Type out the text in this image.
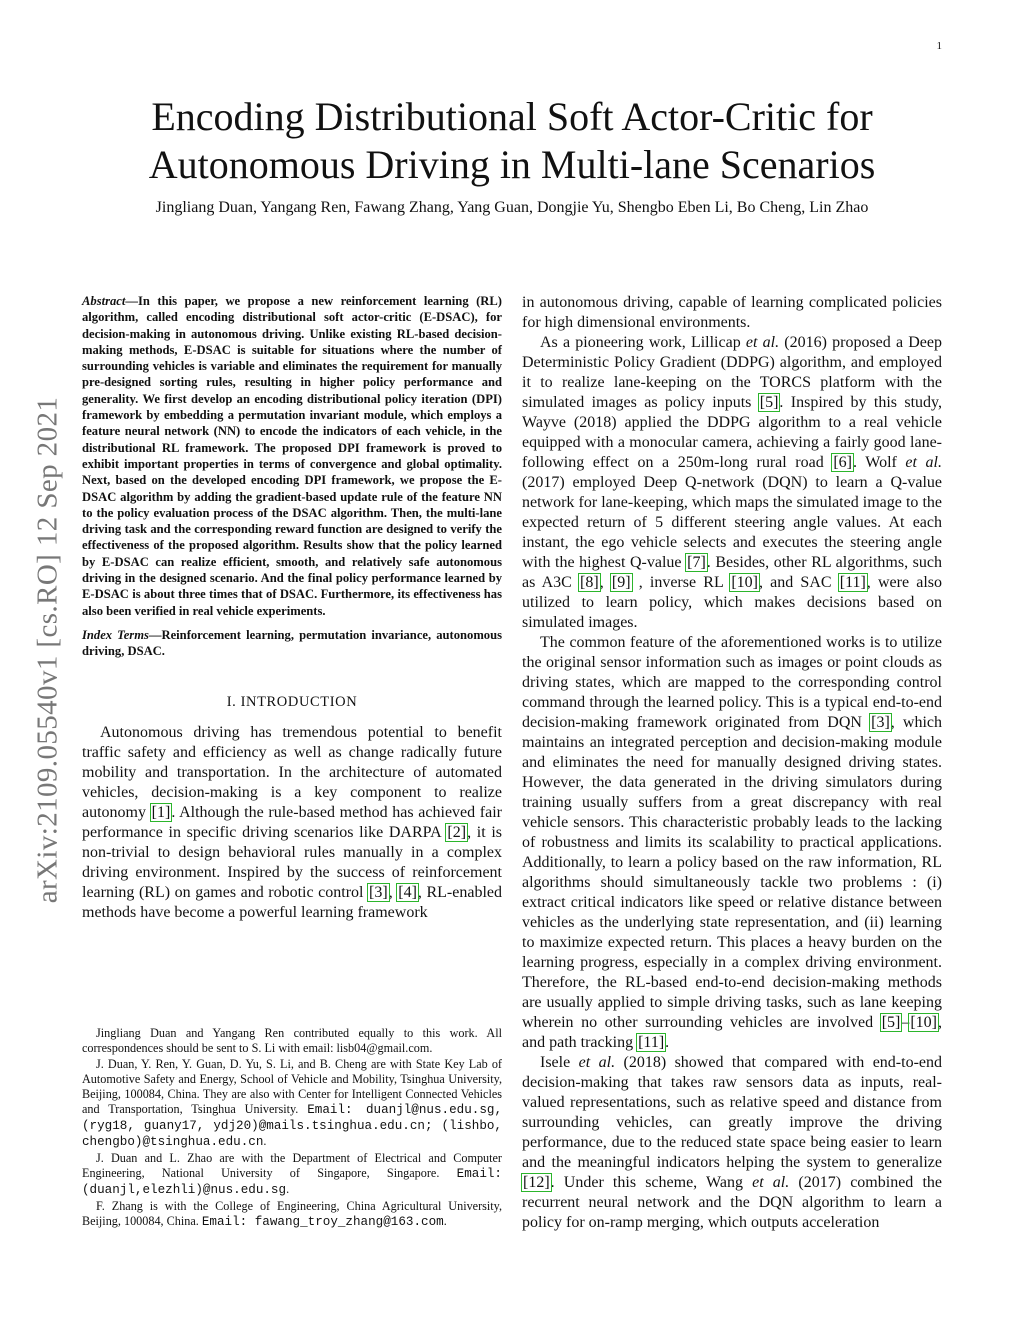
1
arXiv:2109.05540v1 [cs.RO] 12 Sep 2021
Encoding Distributional Soft Actor-Critic for
Autonomous Driving in Multi-lane Scenarios
Jingliang Duan, Yangang Ren, Fawang Zhang, Yang Guan, Dongjie Yu, Shengbo Eben Li, Bo Cheng, Lin Zhao

Abstract—In this paper, we propose a new reinforcement learning (RL) algorithm, called encoding distributional soft actor-critic (E-DSAC), for decision-making in autonomous driving. Unlike existing RL-based decision-making methods, E-DSAC is suitable for situations where the number of surrounding vehicles is variable and eliminates the requirement for manually pre-designed sorting rules, resulting in higher policy performance and generality. We first develop an encoding distributional policy iteration (DPI) framework by embedding a permutation invariant module, which employs a feature neural network (NN) to encode the indicators of each vehicle, in the distributional RL framework. The proposed DPI framework is proved to exhibit important properties in terms of convergence and global optimality. Next, based on the developed encoding DPI framework, we propose the E-DSAC algorithm by adding the gradient-based update rule of the feature NN to the policy evaluation process of the DSAC algorithm. Then, the multi-lane driving task and the corresponding reward function are designed to verify the effectiveness of the proposed algorithm. Results show that the policy learned by E-DSAC can realize efficient, smooth, and relatively safe autonomous driving in the designed scenario. And the final policy performance learned by E-DSAC is about three times that of DSAC. Furthermore, its effectiveness has also been verified in real vehicle experiments.

Index Terms—Reinforcement learning, permutation invariance, autonomous driving, DSAC.

I. INTRODUCTION

Autonomous driving has tremendous potential to benefit traffic safety and efficiency as well as change radically future mobility and transportation. In the architecture of automated vehicles, decision-making is a key component to realize autonomy [1]. Although the rule-based method has achieved fair performance in specific driving scenarios like DARPA [2], it is non-trivial to design behavioral rules manually in a complex driving environment. Inspired by the success of reinforcement learning (RL) on games and robotic control [3], [4], RL-enabled methods have become a powerful learning framework

Jingliang Duan and Yangang Ren contributed equally to this work. All correspondences should be sent to S. Li with email: lisb04@gmail.com.

J. Duan, Y. Ren, Y. Guan, D. Yu, S. Li, and B. Cheng are with State Key Lab of Automotive Safety and Energy, School of Vehicle and Mobility, Tsinghua University, Beijing, 100084, China. They are also with Center for Intelligent Connected Vehicles and Transportation, Tsinghua University. Email: duanjl@nus.edu.sg, (ryg18, guany17, ydj20)@mails.tsinghua.edu.cn; (lishbo, chengbo)@tsinghua.edu.cn.

J. Duan and L. Zhao are with the Department of Electrical and Computer Engineering, National University of Singapore, Singapore. Email: (duanjl,elezhli)@nus.edu.sg.

F. Zhang is with the College of Engineering, China Agricultural University, Beijing, 100084, China. Email: fawang_troy_zhang@163.com.

in autonomous driving, capable of learning complicated policies for high dimensional environments.

As a pioneering work, Lillicap et al. (2016) proposed a Deep Deterministic Policy Gradient (DDPG) algorithm, and employed it to realize lane-keeping on the TORCS platform with the simulated images as policy inputs [5]. Inspired by this study, Wayve (2018) applied the DDPG algorithm to a real vehicle equipped with a monocular camera, achieving a fairly good lane-following effect on a 250m-long rural road [6]. Wolf et al. (2017) employed Deep Q-network (DQN) to learn a Q-value network for lane-keeping, which maps the simulated image to the expected return of 5 different steering angle values. At each instant, the ego vehicle selects and executes the steering angle with the highest Q-value [7]. Besides, other RL algorithms, such as A3C [8], [9] , inverse RL [10], and SAC [11], were also utilized to learn policy, which makes decisions based on simulated images.

The common feature of the aforementioned works is to utilize the original sensor information such as images or point clouds as driving states, which are mapped to the corresponding control command through the learned policy. This is a typical end-to-end decision-making framework originated from DQN [3], which maintains an integrated perception and decision-making module and eliminates the need for manually designed driving states. However, the data generated in the driving simulators during training usually suffers from a great discrepancy with real vehicle sensors. This characteristic probably leads to the lacking of robustness and limits its scalability to practical applications. Additionally, to learn a policy based on the raw information, RL algorithms should simultaneously tackle two problems : (i) extract critical indicators like speed or relative distance between vehicles as the underlying state representation, and (ii) learning to maximize expected return. This places a heavy burden on the learning progress, especially in a complex driving environment. Therefore, the RL-based end-to-end decision-making methods are usually applied to simple driving tasks, such as lane keeping wherein no other surrounding vehicles are involved [5]–[10], and path tracking [11].

Isele et al. (2018) showed that compared with end-to-end decision-making that takes raw sensors data as inputs, real-valued representations, such as relative speed and distance from surrounding vehicles, can greatly improve the driving performance, due to the reduced state space being easier to learn and the meaningful indicators helping the system to generalize [12]. Under this scheme, Wang et al. (2017) combined the recurrent neural network and the DQN algorithm to learn a policy for on-ramp merging, which outputs acceleration
